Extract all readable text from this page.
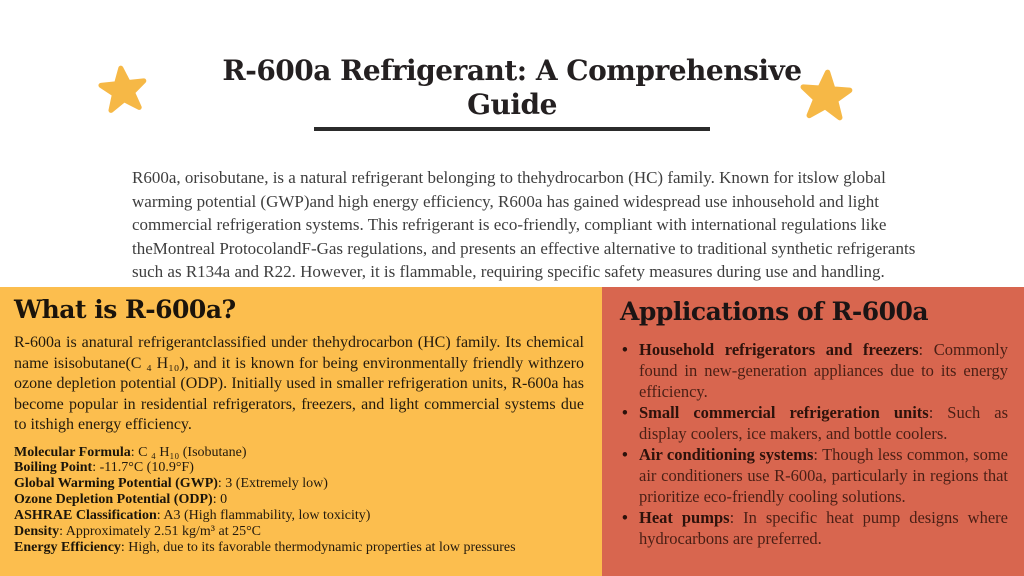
R-600a Refrigerant: A Comprehensive Guide

R600a, orisobutane, is a natural refrigerant belonging to thehydrocarbon (HC) family. Known for itslow global warming potential (GWP)and high energy efficiency, R600a has gained widespread use inhousehold and light commercial refrigeration systems. This refrigerant is eco-friendly, compliant with international regulations like theMontreal ProtocolandF-Gas regulations, and presents an effective alternative to traditional synthetic refrigerants such as R134a and R22. However, it is flammable, requiring specific safety measures during use and handling.

What is R-600a?

R-600a is anatural refrigerantclassified under thehydrocarbon (HC) family. Its chemical name isisobutane(C ₄ H₁₀), and it is known for being environmentally friendly withzero ozone depletion potential (ODP). Initially used in smaller refrigeration units, R-600a has become popular in residential refrigerators, freezers, and light commercial systems due to itshigh energy efficiency.

Molecular Formula: C ₄ H₁₀ (Isobutane)
Boiling Point: -11.7°C (10.9°F)
Global Warming Potential (GWP): 3 (Extremely low)
Ozone Depletion Potential (ODP): 0
ASHRAE Classification: A3 (High flammability, low toxicity)
Density: Approximately 2.51 kg/m³ at 25°C
Energy Efficiency: High, due to its favorable thermodynamic properties at low pressures
Applications of R-600a
• Household refrigerators and freezers: Commonly found in new-generation appliances due to its energy efficiency.
• Small commercial refrigeration units: Such as display coolers, ice makers, and bottle coolers.
• Air conditioning systems: Though less common, some air conditioners use R-600a, particularly in regions that prioritize eco-friendly cooling solutions.
• Heat pumps: In specific heat pump designs where hydrocarbons are preferred.
